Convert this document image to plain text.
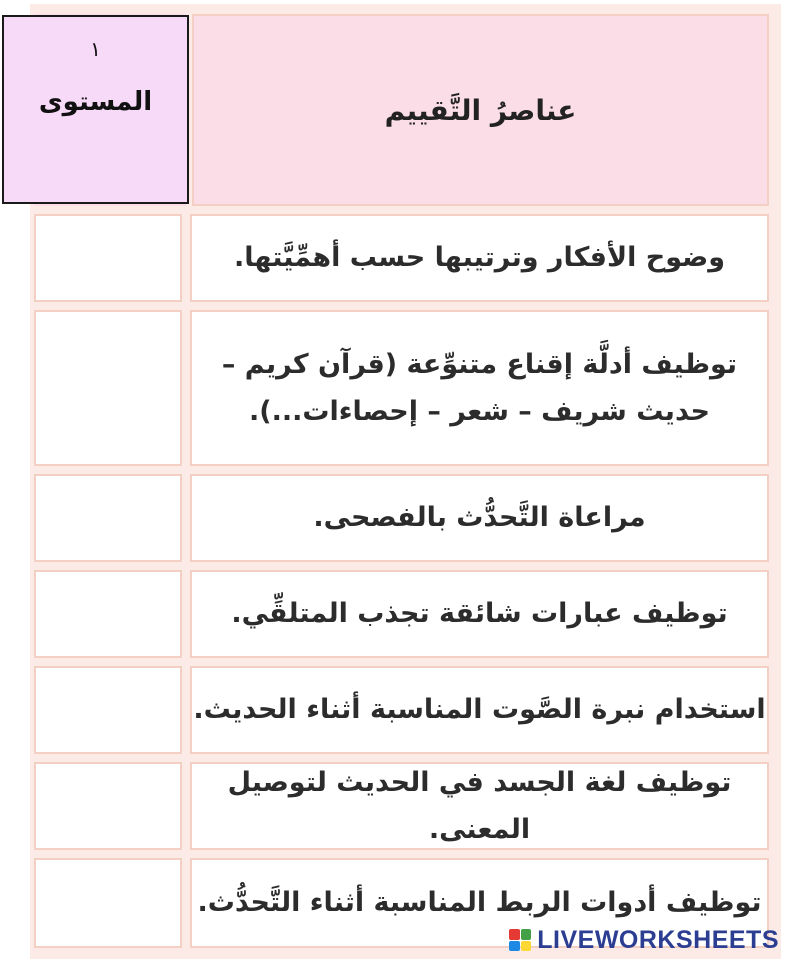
عناصرُ التَّقييم
١
المستوى
وضوح الأفكار وترتيبها حسب أهمِّيَّتها.
توظيف أدلَّة إقناع متنوِّعة (قرآن كريم – حديث شريف – شعر – إحصاءات...).
مراعاة التَّحدُّث بالفصحى.
توظيف عبارات شائقة تجذب المتلقِّي.
استخدام نبرة الصَّوت المناسبة أثناء الحديث.
توظيف لغة الجسد في الحديث لتوصيل المعنى.
توظيف أدوات الربط المناسبة أثناء التَّحدُّث.
LIVEWORKSHEETS
